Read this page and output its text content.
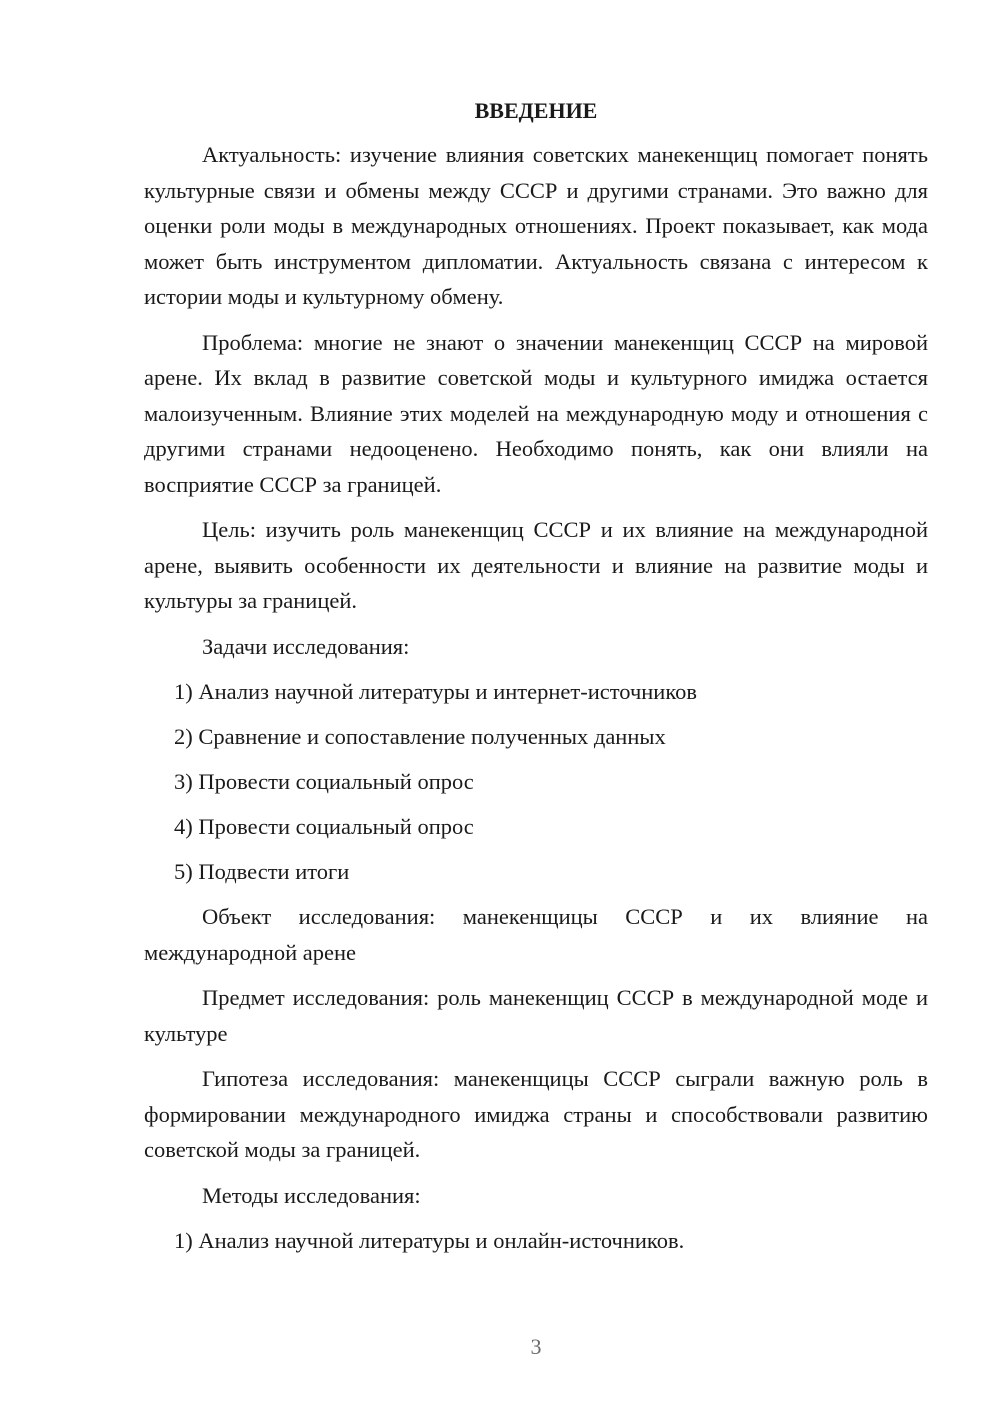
ВВЕДЕНИЕ

Актуальность: изучение влияния советских манекенщиц помогает понять культурные связи и обмены между СССР и другими странами. Это важно для оценки роли моды в международных отношениях. Проект показывает, как мода может быть инструментом дипломатии. Актуальность связана с интересом к истории моды и культурному обмену.

Проблема: многие не знают о значении манекенщиц СССР на мировой арене. Их вклад в развитие советской моды и культурного имиджа остается малоизученным. Влияние этих моделей на международную моду и отношения с другими странами недооценено. Необходимо понять, как они влияли на восприятие СССР за границей.

Цель: изучить роль манекенщиц СССР и их влияние на международной арене, выявить особенности их деятельности и влияние на развитие моды и культуры за границей.

Задачи исследования:

1) Анализ научной литературы и интернет-источников
2) Сравнение и сопоставление полученных данных
3) Провести социальный опрос
4) Провести социальный опрос
5) Подвести итоги

Объект исследования: манекенщицы СССР и их влияние на международной арене

Предмет исследования: роль манекенщиц СССР в международной моде и культуре

Гипотеза исследования: манекенщицы СССР сыграли важную роль в формировании международного имиджа страны и способствовали развитию советской моды за границей.

Методы исследования:

1) Анализ научной литературы и онлайн-источников.
3
